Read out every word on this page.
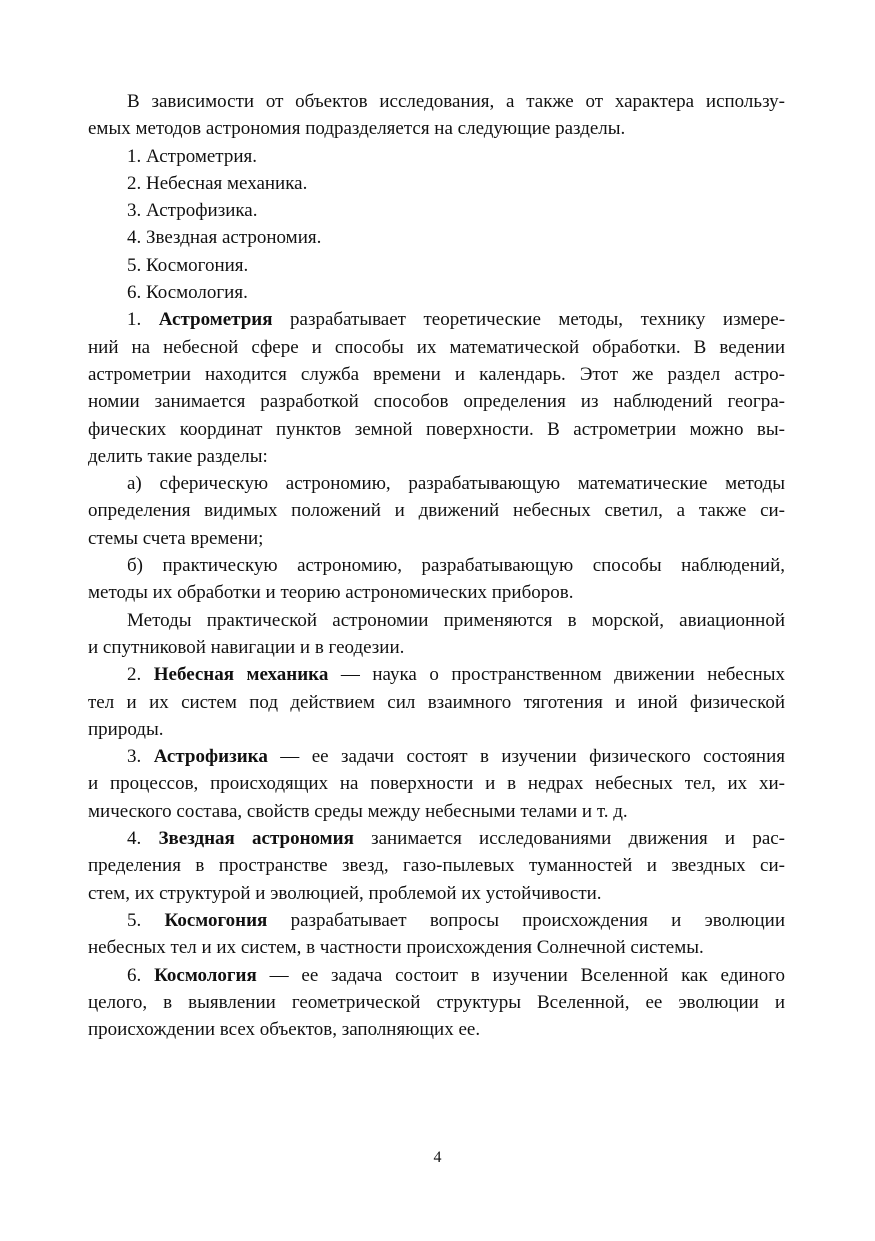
В зависимости от объектов исследования, а также от характера использу-
емых методов астрономия подразделяется на следующие разделы.
1. Астрометрия.
2. Небесная механика.
3. Астрофизика.
4. Звездная астрономия.
5. Космогония.
6. Космология.
1. Астрометрия разрабатывает теоретические методы, технику измере-
ний на небесной сфере и способы их математической обработки. В ведении
астрометрии находится служба времени и календарь. Этот же раздел астро-
номии занимается разработкой способов определения из наблюдений геогра-
фических координат пунктов земной поверхности. В астрометрии можно вы-
делить такие разделы:
а) сферическую астрономию, разрабатывающую математические методы
определения видимых положений и движений небесных светил, а также си-
стемы счета времени;
б) практическую астрономию, разрабатывающую способы наблюдений,
методы их обработки и теорию астрономических приборов.
Методы практической астрономии применяются в морской, авиационной
и спутниковой навигации и в геодезии.
2. Небесная механика — наука о пространственном движении небесных
тел и их систем под действием сил взаимного тяготения и иной физической
природы.
3. Астрофизика — ее задачи состоят в изучении физического состояния
и процессов, происходящих на поверхности и в недрах небесных тел, их хи-
мического состава, свойств среды между небесными телами и т. д.
4. Звездная астрономия занимается исследованиями движения и рас-
пределения в пространстве звезд, газо-пылевых туманностей и звездных си-
стем, их структурой и эволюцией, проблемой их устойчивости.
5. Космогония разрабатывает вопросы происхождения и эволюции
небесных тел и их систем, в частности происхождения Солнечной системы.
6. Космология — ее задача состоит в изучении Вселенной как единого
целого, в выявлении геометрической структуры Вселенной, ее эволюции и
происхождении всех объектов, заполняющих ее.
4
